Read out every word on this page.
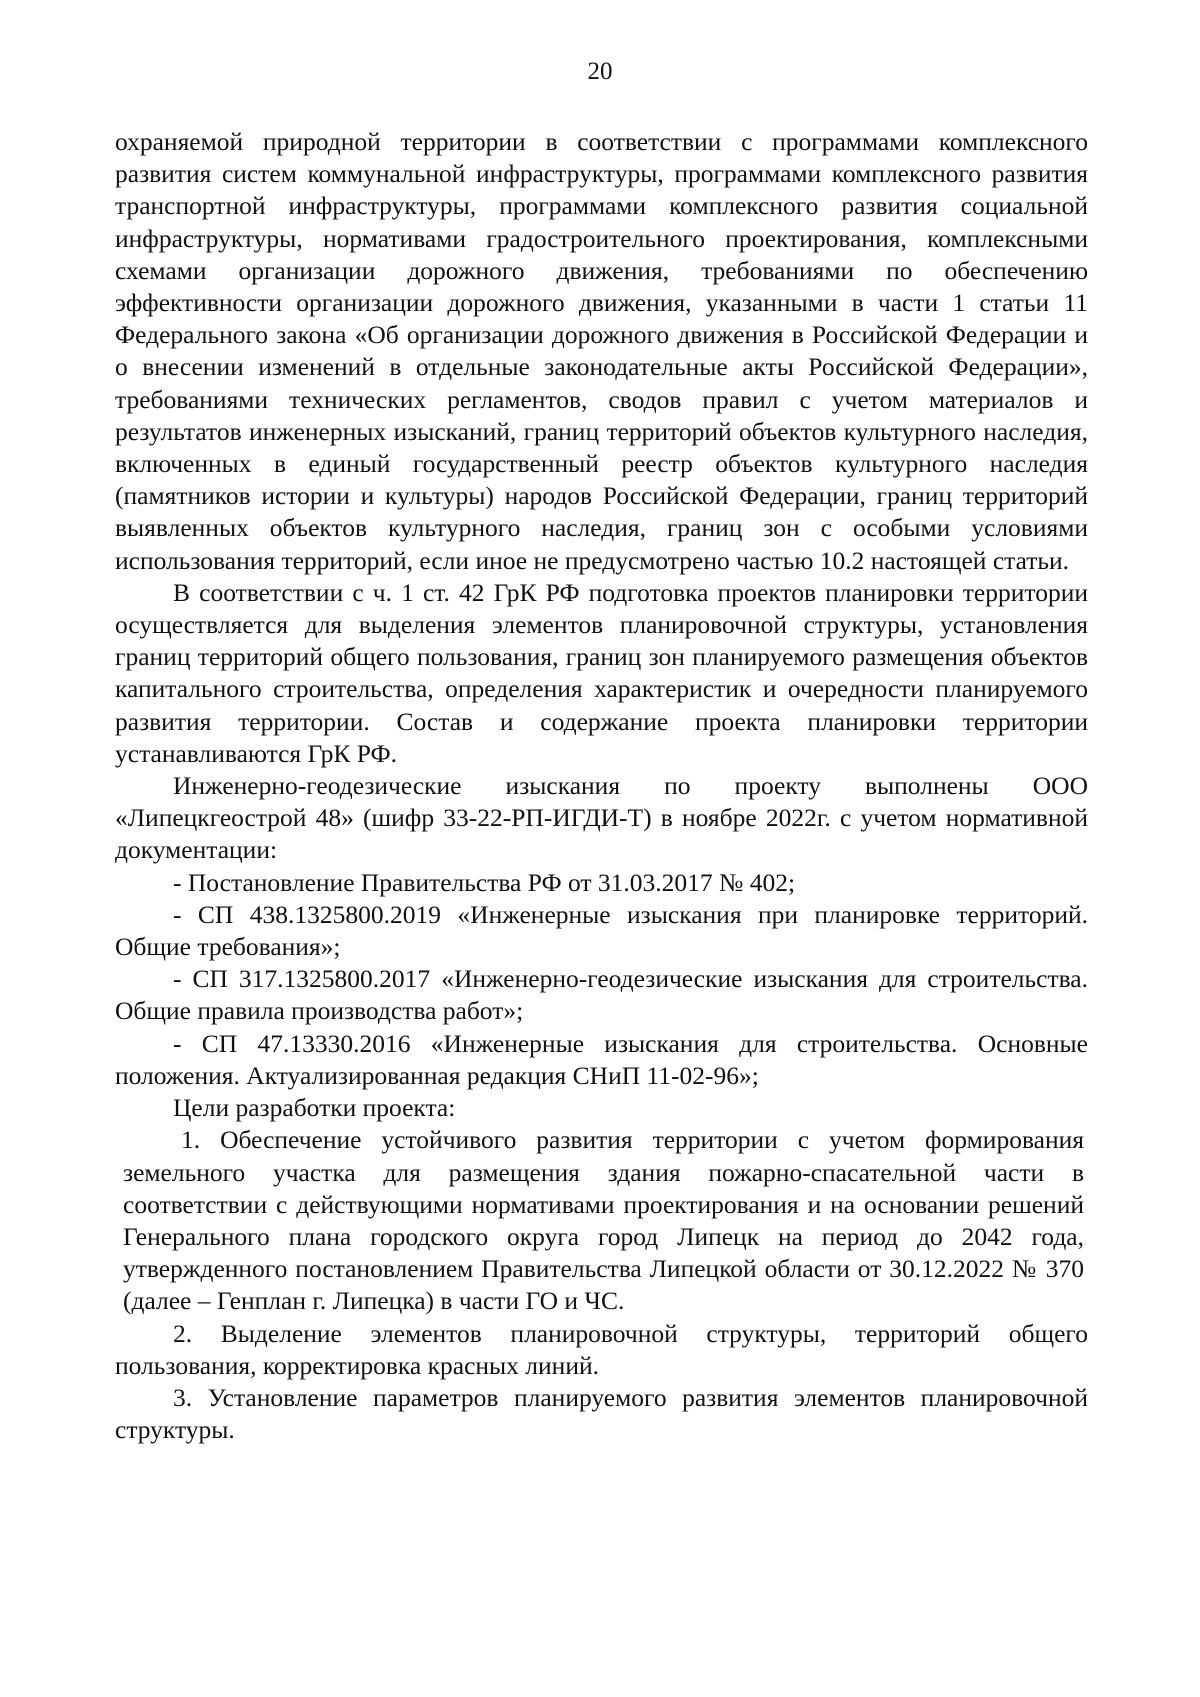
20

охраняемой природной территории в соответствии с программами комплексного развития систем коммунальной инфраструктуры, программами комплексного развития транспортной инфраструктуры, программами комплексного развития социальной инфраструктуры, нормативами градостроительного проектирования, комплексными схемами организации дорожного движения, требованиями по обеспечению эффективности организации дорожного движения, указанными в части 1 статьи 11 Федерального закона «Об организации дорожного движения в Российской Федерации и о внесении изменений в отдельные законодательные акты Российской Федерации», требованиями технических регламентов, сводов правил с учетом материалов и результатов инженерных изысканий, границ территорий объектов культурного наследия, включенных в единый государственный реестр объектов культурного наследия (памятников истории и культуры) народов Российской Федерации, границ территорий выявленных объектов культурного наследия, границ зон с особыми условиями использования территорий, если иное не предусмотрено частью 10.2 настоящей статьи.

В соответствии с ч. 1 ст. 42 ГрК РФ подготовка проектов планировки территории осуществляется для выделения элементов планировочной структуры, установления границ территорий общего пользования, границ зон планируемого размещения объектов капитального строительства, определения характеристик и очередности планируемого развития территории. Состав и содержание проекта планировки территории устанавливаются ГрК РФ.

Инженерно-геодезические изыскания по проекту выполнены ООО «Липецкгеострой 48» (шифр 33-22-РП-ИГДИ-Т) в ноябре 2022г. с учетом нормативной документации:

- Постановление Правительства РФ от 31.03.2017 № 402;

- СП 438.1325800.2019 «Инженерные изыскания при планировке территорий. Общие требования»;

- СП 317.1325800.2017 «Инженерно-геодезические изыскания для строительства. Общие правила производства работ»;

- СП 47.13330.2016 «Инженерные изыскания для строительства. Основные положения. Актуализированная редакция СНиП 11-02-96»;

Цели разработки проекта:

1. Обеспечение устойчивого развития территории с учетом формирования земельного участка для размещения здания пожарно-спасательной части в соответствии с действующими нормативами проектирования и на основании решений Генерального плана городского округа город Липецк на период до 2042 года, утвержденного постановлением Правительства Липецкой области от 30.12.2022 № 370 (далее – Генплан г. Липецка) в части ГО и ЧС.

2. Выделение элементов планировочной структуры, территорий общего пользования, корректировка красных линий.

3. Установление параметров планируемого развития элементов планировочной структуры.
